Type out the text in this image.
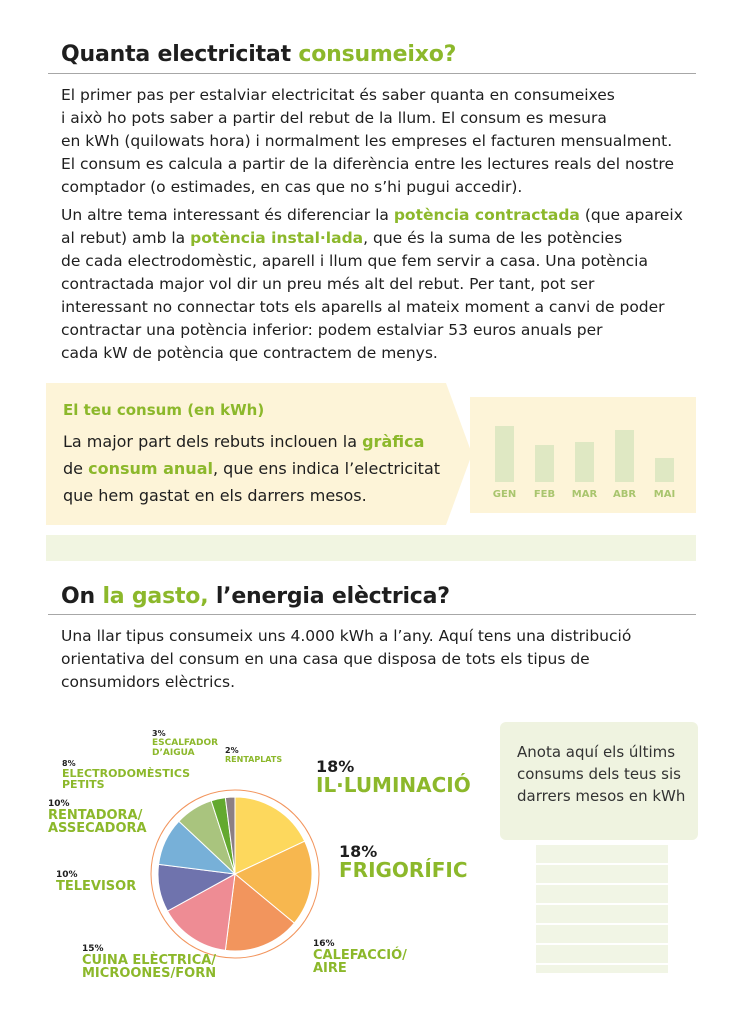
Quanta electricitat consumeixo?
El primer pas per estalviar electricitat és saber quanta en consumeixes
i això ho pots saber a partir del rebut de la llum. El consum es mesura
en kWh (quilowats hora) i normalment les empreses el facturen mensualment.
El consum es calcula a partir de la diferència entre les lectures reals del nostre
comptador (o estimades, en cas que no s’hi pugui accedir).
Un altre tema interessant és diferenciar la potència contractada (que apareix
al rebut) amb la potència instal·lada, que és la suma de les potències
de cada electrodomèstic, aparell i llum que fem servir a casa. Una potència
contractada major vol dir un preu més alt del rebut. Per tant, pot ser
interessant no connectar tots els aparells al mateix moment a canvi de poder
contractar una potència inferior: podem estalviar 53 euros anuals per
cada kW de potència que contractem de menys.
El teu consum (en kWh)
La major part dels rebuts inclouen la gràfica
de consum anual, que ens indica l’electricitat
que hem gastat en els darrers mesos.	GEN	FEB	MAR	ABR	MAI
On la gasto, l’energia elèctrica?
Una llar tipus consumeix uns 4.000 kWh a l’any. Aquí tens una distribució
orientativa del consum en una casa que disposa de tots els tipus de
consumidors elèctrics.
18%
IL·LUMINACIÓ
18%
FRIGORÍFIC
16%
CALEFACCIÓ/
AIRE
15%
CUINA ELÈCTRICA/
MICROONES/FORN
10%
TELEVISOR
10%
RENTADORA/
ASSECADORA
8%
ELECTRODOMÈSTICS
PETITS
3%
ESCALFADOR
D’AIGUA	2%
RENTAPLATS	Anota aquí els últims
consums dels teus sis
darrers mesos en kWh
